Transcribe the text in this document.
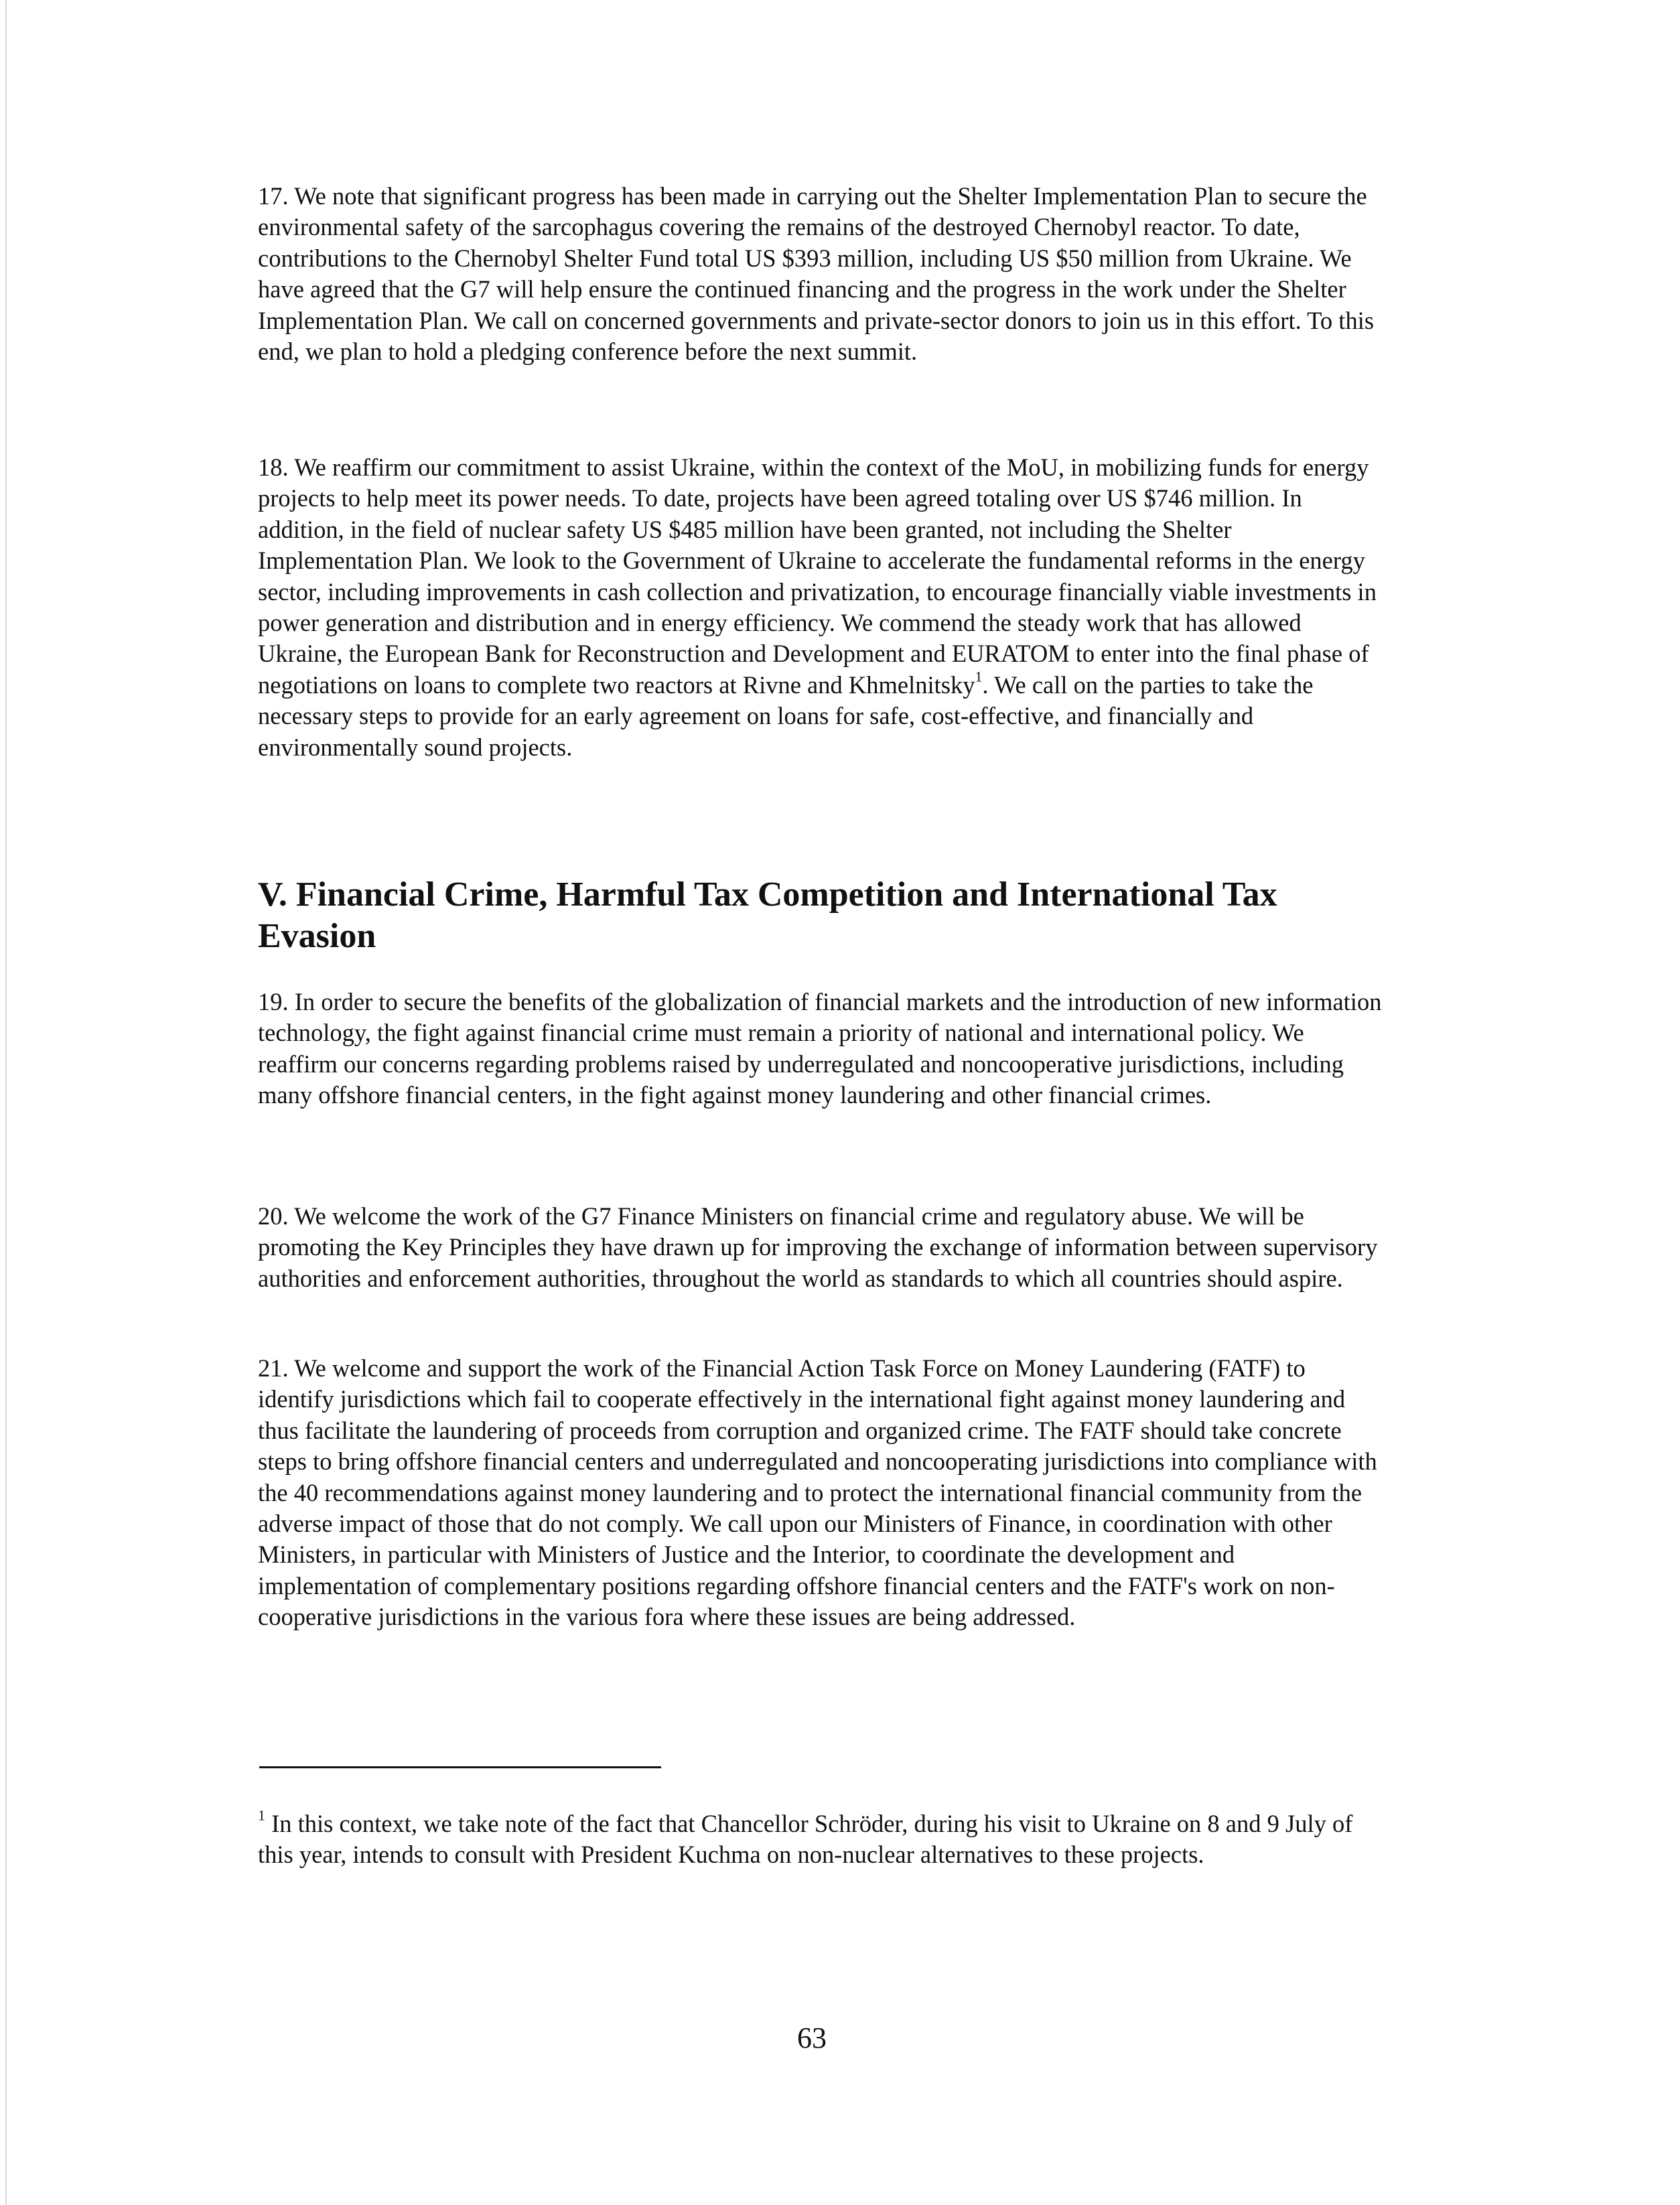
17. We note that significant progress has been made in carrying out the Shelter Implementation Plan to secure the environmental safety of the sarcophagus covering the remains of the destroyed Chernobyl reactor. To date, contributions to the Chernobyl Shelter Fund total US $393 million, including US $50 million from Ukraine. We have agreed that the G7 will help ensure the continued financing and the progress in the work under the Shelter Implementation Plan. We call on concerned governments and private-sector donors to join us in this effort. To this end, we plan to hold a pledging conference before the next summit.

18. We reaffirm our commitment to assist Ukraine, within the context of the MoU, in mobilizing funds for energy projects to help meet its power needs. To date, projects have been agreed totaling over US $746 million. In addition, in the field of nuclear safety US $485 million have been granted, not including the Shelter Implementation Plan. We look to the Government of Ukraine to accelerate the fundamental reforms in the energy sector, including improvements in cash collection and privatization, to encourage financially viable investments in power generation and distribution and in energy efficiency. We commend the steady work that has allowed Ukraine, the European Bank for Reconstruction and Development and EURATOM to enter into the final phase of negotiations on loans to complete two reactors at Rivne and Khmelnitsky$^1$. We call on the parties to take the necessary steps to provide for an early agreement on loans for safe, cost-effective, and financially and environmentally sound projects.

V. Financial Crime, Harmful Tax Competition and International Tax Evasion

19. In order to secure the benefits of the globalization of financial markets and the introduction of new information technology, the fight against financial crime must remain a priority of national and international policy. We reaffirm our concerns regarding problems raised by underregulated and noncooperative jurisdictions, including many offshore financial centers, in the fight against money laundering and other financial crimes.

20. We welcome the work of the G7 Finance Ministers on financial crime and regulatory abuse. We will be promoting the Key Principles they have drawn up for improving the exchange of information between supervisory authorities and enforcement authorities, throughout the world as standards to which all countries should aspire.

21. We welcome and support the work of the Financial Action Task Force on Money Laundering (FATF) to identify jurisdictions which fail to cooperate effectively in the international fight against money laundering and thus facilitate the laundering of proceeds from corruption and organized crime. The FATF should take concrete steps to bring offshore financial centers and underregulated and noncooperating jurisdictions into compliance with the 40 recommendations against money laundering and to protect the international financial community from the adverse impact of those that do not comply. We call upon our Ministers of Finance, in coordination with other Ministers, in particular with Ministers of Justice and the Interior, to coordinate the development and implementation of complementary positions regarding offshore financial centers and the FATF's work on non-cooperative jurisdictions in the various fora where these issues are being addressed.

$^1$ In this context, we take note of the fact that Chancellor Schröder, during his visit to Ukraine on 8 and 9 July of this year, intends to consult with President Kuchma on non-nuclear alternatives to these projects.

63
